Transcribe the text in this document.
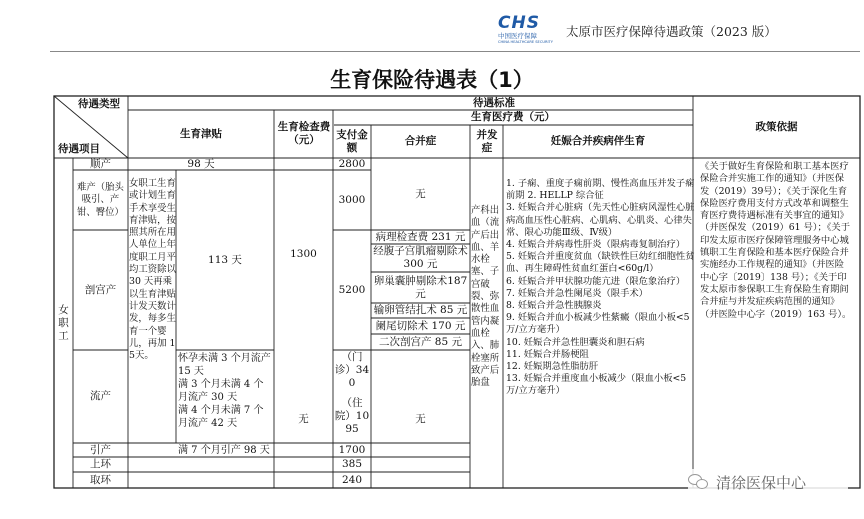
CHS
中国医疗保障
CHINA HEALTHCARE SECURITY
太原市医疗保障待遇政策（2023 版）
生育保险待遇表（1）
待遇类型
待遇项目
待遇标准
生育津贴
生育检查费（元）
生育医疗费（元）
支付金额
合并症	并发症
妊娠合并疾病伴生育
政策依据
女职工
顺产
难产（胎头吸引、产钳、臀位）
剖宫产
流产
引产
上环
取环
98 天
女职工生育或计划生育手术享受生育津贴，按照其所在用人单位上年度职工月平均工资除以 30 天再乘以生育津贴计发天数计发，每多生育一个婴儿，再加 15天。
113 天
怀孕未满 3 个月流产 15 天
满 3 个月未满 4 个月流产 30 天
满 4 个月未满 7 个月流产 42 天
满 7 个月引产 98 天
1300
无
2800
3000
5200
（门诊）340
（住院）1095
1700
385
240
无
病理检查费 231 元
经腹子宫肌瘤剔除术 300 元
卵巢囊肿剔除术187 元
输卵管结扎术 85 元
阑尾切除术 170 元
二次剖宫产 85 元
无
产科出血（流产后出血、羊水栓塞、子宫破裂、弥散性血管内凝血栓入、肺栓塞所致产后胎盘
1. 子痫、重度子痫前期、慢性高血压并发子痫前期 2. HELLP 综合征
3. 妊娠合并心脏病（先天性心脏病风湿性心脏病高血压性心脏病、心肌病、心肌炎、心律失常、限心功能Ⅲ级、Ⅳ级）
4. 妊娠合并病毒性肝炎（限病毒复制治疗）
5. 妊娠合并重度贫血（缺铁性巨幼红细胞性贫血、再生障碍性贫血红蛋白<60g/l）
6. 妊娠合并甲状腺功能亢进（限危象治疗）
7. 妊娠合并急性阑尾炎（限手术）
8. 妊娠合并急性胰腺炎
9. 妊娠合并血小板减少性紫癜（限血小板<5万/立方毫升）
10. 妊娠合并急性胆囊炎和胆石病
11. 妊娠合并肠梗阻
12. 妊娠期急性脂肪肝
13. 妊娠合并重度血小板减少（限血小板<5万/立方毫升）
《关于做好生育保险和职工基本医疗保险合并实施工作的通知》（并医保发（2019）39号）；《关于深化生育保险医疗费用支付方式改革和调整生育医疗费待遇标准有关事宜的通知》（并医保发（2019）61 号）；《关于印发太原市医疗保障管理服务中心城镇职工生育保险和基本医疗保险合并实施经办工作规程的通知》（并医险中心字〔2019〕138 号）；《关于印发太原市参保职工生育保险生育期间合并症与并发症疾病范围的通知》（并医险中心字（2019）163 号）。
清徐医保中心
